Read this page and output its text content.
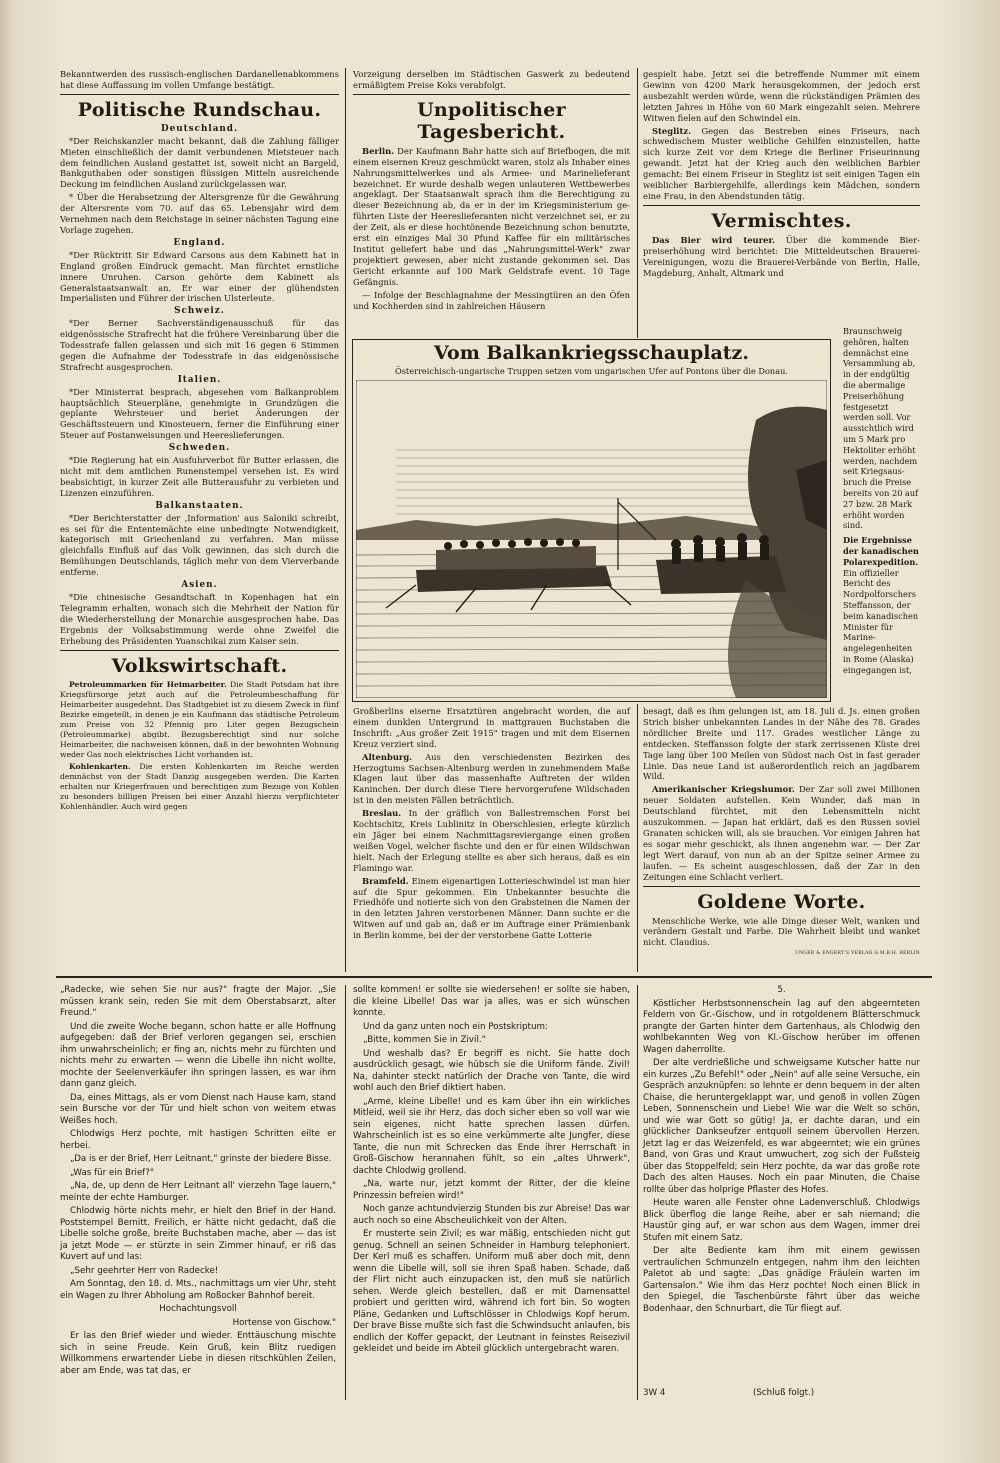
Bekanntwerden des russisch-englischen Dardanellenabkommens hat diese Auffassung im vollen Umfange bestätigt.

Politische Rundschau.
Deutschland.

*Der Reichskanzler macht bekannt, daß die Zahlung fälliger Mieten einschließlich der damit verbundenen Mietsteuer nach dem feindlichen Ausland gestattet ist, soweit nicht an Bargeld, Bankguthaben oder sonstigen flüssigen Mitteln ausreichende Deckung im feindlichen Ausland zurückgelassen war.

* Über die Herabsetzung der Altersgrenze für die Gewährung der Altersrente vom 70. auf das 65. Lebensjahr wird dem Vernehmen nach dem Reichstage in seiner nächsten Tagung eine Vorlage zugehen.

England.

*Der Rücktritt Sir Edward Carsons aus dem Kabinett hat in England großen Eindruck gemacht. Man fürchtet ernstliche innere Unruhen. Carson gehörte dem Kabinett als Generalstaatsanwalt an. Er war einer der glühendsten Imperialisten und Führer der irischen Ulsterleute.

Schweiz.

*Der Berner Sachverständigenausschuß für das eidgenössische Strafrecht hat die frühere Vereinbarung über die Todesstrafe fallen gelassen und sich mit 16 gegen 6 Stimmen gegen die Aufnahme der Todesstrafe in das eidgenössische Strafrecht ausgesprochen.

Italien.

*Der Ministerrat besprach, abgesehen vom Balkanproblem hauptsächlich Steuerpläne, genehmigte in Grundzügen die geplante Wehrsteuer und beriet Änderungen der Geschäftssteuern und Kinosteuern, ferner die Einführung einer Steuer auf Postanweisungen und Heereslieferungen.

Schweden.

*Die Regierung hat ein Ausfuhrverbot für Butter erlassen, die nicht mit dem amtlichen Runenstempel versehen ist. Es wird beabsichtigt, in kurzer Zeit alle Butterausfuhr zu verbieten und Lizenzen einzuführen.

Balkanstaaten.

*Der Berichterstatter der ‚Information' aus Saloniki schreibt, es sei für die Ententemächte eine unbedingte Notwendigkeit, kategorisch mit Griechenland zu verfahren. Man müsse gleichfalls Einfluß auf das Volk gewinnen, das sich durch die Bemühungen Deutschlands, täglich mehr von dem Vierverbande entferne.

Asien.

*Die chinesische Gesandtschaft in Kopenhagen hat ein Telegramm erhalten, wonach sich die Mehrheit der Nation für die Wiederherstellung der Monarchie ausgesprochen habe. Das Ergebnis der Volksabstimmung werde ohne Zweifel die Erhebung des Präsidenten Yuanschikai zum Kaiser sein.

Volkswirtschaft.

Petroleummarken für Heimarbeiter. Die Stadt Potsdam hat ihre Kriegsfürsorge jetzt auch auf die Petroleumbeschaffung für Heimarbeiter ausgedehnt. Das Stadtgebiet ist zu diesem Zweck in fünf Bezirke eingeteilt, in denen je ein Kaufmann das städtische Petroleum zum Preise von 32 Pfennig pro Liter gegen Bezugschein (Petroleummarke) abgibt. Bezugsberechtigt sind nur solche Heimarbeiter, die nachweisen können, daß in der bewohnten Wohnung weder Gas noch elektrisches Licht vorhanden ist.

Kohlenkarten. Die ersten Kohlenkarten im Reiche werden demnächst von der Stadt Danzig ausgegeben werden. Die Karten erhalten nur Kriegerfrauen und berechtigen zum Bezuge von Kohlen zu besonders billigen Preisen bei einer Anzahl hierzu verpflichteter Kohlenhändler. Auch wird gegen

Vorzeigung derselben im Städtischen Gaswerk zu bedeutend ermäßigtem Preise Koks verabfolgt.

Unpolitischer Tagesbericht.

Berlin. Der Kaufmann Bahr hatte sich auf Briefbogen, die mit einem eisernen Kreuz geschmückt waren, stolz als Inhaber eines Nahrungsmittelwerkes und als Armee- und Marinelieferant bezeichnet. Er wurde deshalb wegen unlauteren Wettbewerbes angeklagt. Der Staatsanwalt sprach ihm die Berechtigung zu dieser Bezeichnung ab, da er in der im Kriegsministerium geführten Liste der Heereslieferanten nicht verzeichnet sei, er zu der Zeit, als er diese hochtönende Bezeichnung schon benutzte, erst ein einziges Mal 30 Pfund Kaffee für ein militärisches Institut geliefert habe und das „Nahrungsmittel-Werk" zwar projektiert gewesen, aber nicht zustande gekommen sei. Das Gericht erkannte auf 100 Mark Geldstrafe event. 10 Tage Gefängnis.

— Infolge der Beschlagnahme der Messingtüren an den Öfen und Kochherden sind in zahlreichen Häusern

gespielt habe. Jetzt sei die betreffende Nummer mit einem Gewinn von 4200 Mark herausgekommen, der jedoch erst ausbezahlt werden würde, wenn die rückständigen Prämien des letzten Jahres in Höhe von 60 Mark eingezahlt seien. Mehrere Witwen fielen auf den Schwindel ein.

Steglitz. Gegen das Bestreben eines Friseurs, nach schwedischem Muster weibliche Gehilfen einzustellen, hatte sich kurze Zeit vor dem Kriege die Berliner Friseurinnung gewandt. Jetzt hat der Krieg auch den weiblichen Barbier gemacht: Bei einem Friseur in Steglitz ist seit einigen Tagen ein weiblicher Barbiergehilfe, allerdings kein Mädchen, sondern eine Frau, in den Abendstunden tätig.

Vermischtes.

Das Bier wird teurer. Über die kommende Bierpreiserhöhung wird berichtet: Die Mitteldeutschen Brauerei-Vereinigungen, wozu die Brauerei-Verbände von Berlin, Halle, Magdeburg, Anhalt, Altmark und

Vom Balkankriegsschauplatz.
Österreichisch-ungarische Truppen setzen vom ungarischen Ufer auf Pontons über die Donau.

Braunschweig gehören, halten demnächst eine Versammlung ab, in der endgültig die abermalige Preiserhöhung festgesetzt werden soll. Vor aussichtlich wird um 5 Mark pro Hektoliter erhöht werden, nachdem seit Kriegsausbruch die Preise bereits von 20 auf 27 bzw. 28 Mark erhöht worden sind.

Die Ergebnisse der kanadischen Polarexpedition. Ein offizieller Bericht des Nordpolforschers Steffansson, der beim kanadischen Minister für Marineangelegenheiten in Rome (Alaska) eingegangen ist,

Großberlins eiserne Ersatztüren angebracht worden, die auf einem dunklen Untergrund in mattgrauen Buchstaben die Inschrift: „Aus großer Zeit 1915" tragen und mit dem Eisernen Kreuz verziert sind.

Altenburg. Aus den verschiedensten Bezirken des Herzogtums Sachsen-Altenburg werden in zunehmendem Maße Klagen laut über das massenhafte Auftreten der wilden Kaninchen. Der durch diese Tiere hervorgerufene Wildschaden ist in den meisten Fällen beträchtlich.

Breslau. In der gräflich von Ballestremschen Forst bei Kochtschitz, Kreis Lublinitz in Oberschlesien, erlegte kürzlich ein Jäger bei einem Nachmittagsreviergange einen großen weißen Vogel, welcher fischte und den er für einen Wildschwan hielt. Nach der Erlegung stellte es aber sich heraus, daß es ein Flamingo war.

Bramfeld. Einem eigenartigen Lotterieschwindel ist man hier auf die Spur gekommen. Ein Unbekannter besuchte die Friedhöfe und notierte sich von den Grabsteinen die Namen der in den letzten Jahren verstorbenen Männer. Dann suchte er die Witwen auf und gab an, daß er im Auftrage einer Prämienbank in Berlin komme, bei der der verstorbene Gatte Lotterie

besagt, daß es ihm gelungen ist, am 18. Juli d. Js. einen großen Strich bisher unbekannten Landes in der Nähe des 78. Grades nördlicher Breite und 117. Grades westlicher Länge zu entdecken. Steffansson folgte der stark zerrissenen Küste drei Tage lang über 100 Meilen von Südost nach Ost in fast gerader Linie. Das neue Land ist außerordentlich reich an jagdbarem Wild.

Amerikanischer Kriegshumor. Der Zar soll zwei Millionen neuer Soldaten aufstellen. Kein Wunder, daß man in Deutschland fürchtet, mit den Lebensmitteln nicht auszukommen. — Japan hat erklärt, daß es den Russen soviel Granaten schicken will, als sie brauchen. Vor einigen Jahren hat es sogar mehr geschickt, als ihnen angenehm war. — Der Zar legt Wert darauf, von nun ab an der Spitze seiner Armee zu laufen. — Es scheint ausgeschlossen, daß der Zar in den Zeitungen eine Schlacht verliert.

Goldene Worte.

Menschliche Werke, wie alle Dinge dieser Welt, wanken und verändern Gestalt und Farbe. Die Wahrheit bleibt und wanket nicht. Claudius.

UNGER & ENGERT'S VERLAG G.M.B.H. BERLIN

„Radecke, wie sehen Sie nur aus?" fragte der Major. „Sie müssen krank sein, reden Sie mit dem Oberstabsarzt, alter Freund."

Und die zweite Woche begann, schon hatte er alle Hoffnung aufgegeben: daß der Brief verloren gegangen sei, erschien ihm unwahrscheinlich; er fing an, nichts mehr zu fürchten und nichts mehr zu erwarten — wenn die Libelle ihn nicht wollte, mochte der Seelenverkäufer ihn springen lassen, es war ihm dann ganz gleich.

Da, eines Mittags, als er vom Dienst nach Hause kam, stand sein Bursche vor der Tür und hielt schon von weitem etwas Weißes hoch.

Chlodwigs Herz pochte, mit hastigen Schritten eilte er herbei.

„Da is er der Brief, Herr Leitnant," grinste der biedere Bisse.

„Was für ein Brief?"

„Na, de, up denn de Herr Leitnant all' vierzehn Tage lauern," meinte der echte Hamburger.

Chlodwig hörte nichts mehr, er hielt den Brief in der Hand. Poststempel Bernitt. Freilich, er hätte nicht gedacht, daß die Libelle solche große, breite Buchstaben mache, aber — das ist ja jetzt Mode — er stürzte in sein Zimmer hinauf, er riß das Kuvert auf und las:

„Sehr geehrter Herr von Radecke!

Am Sonntag, den 18. d. Mts., nachmittags um vier Uhr, steht ein Wagen zu Ihrer Abholung am Roßocker Bahnhof bereit.

Hochachtungsvoll

Hortense von Gischow."

Er las den Brief wieder und wieder. Enttäuschung mischte sich in seine Freude. Kein Gruß, kein Blitz ruedigen Willkommens erwartender Liebe in diesen ritschkühlen Zeilen, aber am Ende, was tat das, er

sollte kommen! er sollte sie wiedersehen! er sollte sie haben, die kleine Libelle! Das war ja alles, was er sich wünschen konnte.

Und da ganz unten noch ein Postskriptum:

„Bitte, kommen Sie in Zivil."

Und weshalb das? Er begriff es nicht. Sie hatte doch ausdrücklich gesagt, wie hübsch sie die Uniform fände. Zivil! Na, dahinter steckt natürlich der Drache von Tante, die wird wohl auch den Brief diktiert haben.

„Arme, kleine Libelle! und es kam über ihn ein wirkliches Mitleid, weil sie ihr Herz, das doch sicher eben so voll war wie sein eigenes, nicht hatte sprechen lassen dürfen. Wahrscheinlich ist es so eine verkümmerte alte Jungfer, diese Tante, die nun mit Schrecken das Ende ihrer Herrschaft in Groß-Gischow herannahen fühlt, so ein „altes Uhrwerk", dachte Chlodwig grollend.

„Na, warte nur, jetzt kommt der Ritter, der die kleine Prinzessin befreien wird!"

Noch ganze achtundvierzig Stunden bis zur Abreise! Das war auch noch so eine Abscheulichkeit von der Alten.

Er musterte sein Zivil; es war mäßig, entschieden nicht gut genug. Schnell an seinen Schneider in Hamburg telephoniert. Der Kerl muß es schaffen. Uniform muß aber doch mit, denn wenn die Libelle will, soll sie ihren Spaß haben. Schade, daß der Flirt nicht auch einzupacken ist, den muß sie natürlich sehen. Werde gleich bestellen, daß er mit Damensattel probiert und geritten wird, während ich fort bin. So wogten Pläne, Gedanken und Luftschlösser in Chlodwigs Kopf herum. Der brave Bisse mußte sich fast die Schwindsucht anlaufen, bis endlich der Koffer gepackt, der Leutnant in feinstes Reisezivil gekleidet und beide im Abteil glücklich untergebracht waren.

5.

Köstlicher Herbstsonnenschein lag auf den abgeernteten Feldern von Gr.-Gischow, und in rotgoldenem Blätterschmuck prangte der Garten hinter dem Gartenhaus, als Chlodwig den wohlbekannten Weg von Kl.-Gischow herüber im offenen Wagen daherrollte.

Der alte verdrießliche und schweigsame Kutscher hatte nur ein kurzes „Zu Befehl!" oder „Nein" auf alle seine Versuche, ein Gespräch anzuknüpfen: so lehnte er denn bequem in der alten Chaise, die heruntergeklappt war, und genoß in vollen Zügen Leben, Sonnenschein und Liebe! Wie war die Welt so schön, und wie war Gott so gütig! Ja, er dachte daran, und ein glücklicher Dankseufzer entquoll seinem übervollen Herzen. Jetzt lag er das Weizenfeld, es war abgeerntet; wie ein grünes Band, von Gras und Kraut umwuchert, zog sich der Fußsteig über das Stoppelfeld; sein Herz pochte, da war das große rote Dach des alten Hauses. Noch ein paar Minuten, die Chaise rollte über das holprige Pflaster des Hofes.

Heute waren alle Fenster ohne Ladenverschluß. Chlodwigs Blick überflog die lange Reihe, aber er sah niemand; die Haustür ging auf, er war schon aus dem Wagen, immer drei Stufen mit einem Satz.

Der alte Bediente kam ihm mit einem gewissen vertraulichen Schmunzeln entgegen, nahm ihm den leichten Paletot ab und sagte: „Das gnädige Fräulein warten im Gartensalon." Wie ihm das Herz pochte! Noch einen Blick in den Spiegel, die Taschenbürste fährt über das weiche Bodenhaar, den Schnurbart, die Tür fliegt auf.

3W 4	(Schluß folgt.)
